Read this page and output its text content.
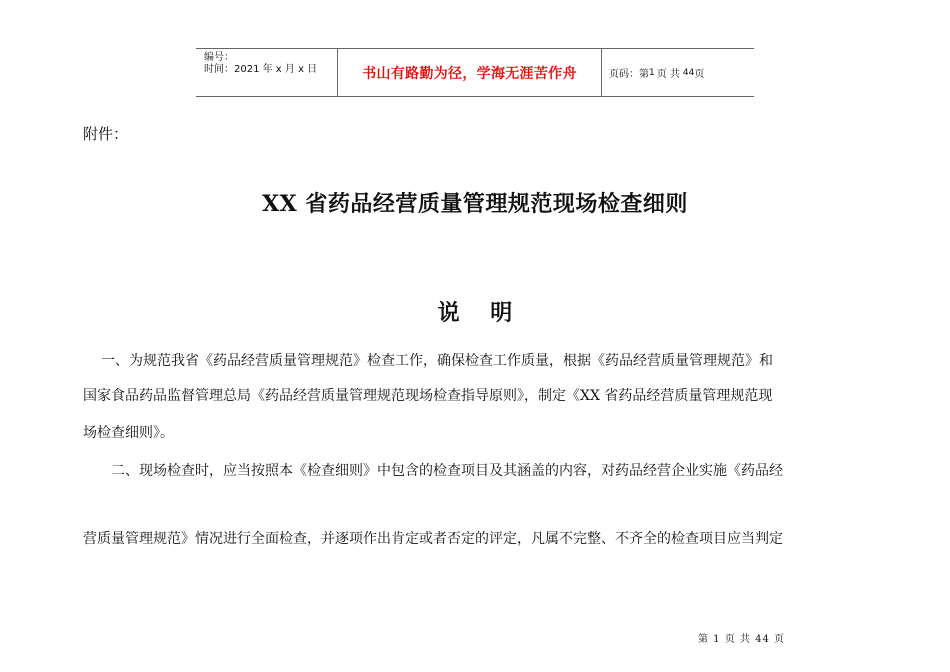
编号：
时间：2021 年 x 月 x 日	书山有路勤为径，学海无涯苦作舟	页码：第 1 页 共 44 页
附件：
XX 省药品经营质量管理规范现场检查细则
说    明
一、为规范我省《药品经营质量管理规范》检查工作，确保检查工作质量，根据《药品经营质量管理规范》和
国家食品药品监督管理总局《药品经营质量管理规范现场检查指导原则》，制定《XX 省药品经营质量管理规范现
场检查细则》。
二、现场检查时，应当按照本《检查细则》中包含的检查项目及其涵盖的内容，对药品经营企业实施《药品经
营质量管理规范》情况进行全面检查，并逐项作出肯定或者否定的评定，凡属不完整、不齐全的检查项目应当判定
第 1 页 共 44 页
